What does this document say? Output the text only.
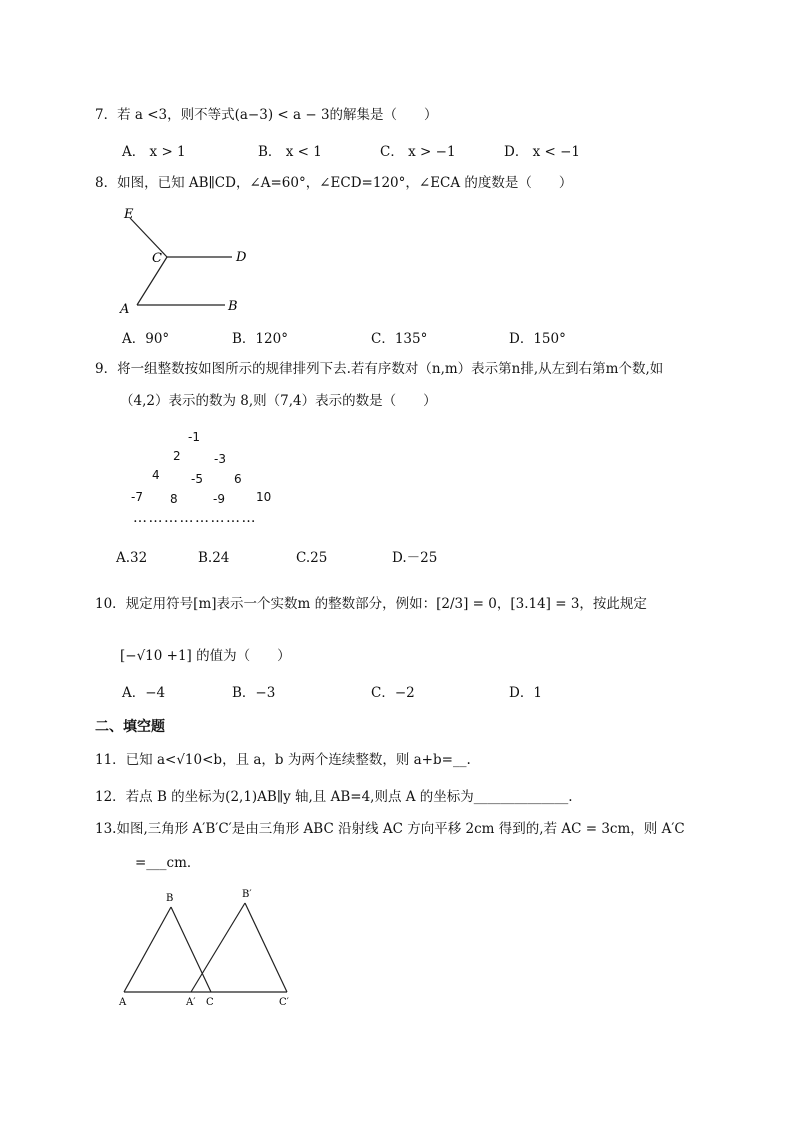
7．若 a <3，则不等式(a−3) < a − 3的解集是（　　）
A． x > 1	B． x < 1	C． x > −1	D． x < −1
8．如图，已知 AB∥CD，∠A=60°，∠ECD=120°，∠ECA 的度数是（　　）
E
C	D
A	B
A．90°	B．120°	C．135°	D．150°
9．将一组整数按如图所示的规律排列下去.若有序数对（n,m）表示第n排,从左到右第m个数,如
（4,2）表示的数为 8,则（7,4）表示的数是（　　）
-1
2	-3
4	-5	6
-7 8	-9	10
……………………
A.32	B.24	C.25	D.－25
10．规定用符号[m]表示一个实数m 的整数部分，例如：[2/3] = 0，[3.14] = 3，按此规定
[−√10 +1] 的值为（　　）
A．−4	B．−3	C．−2	D．1
二、填空题
11．已知 a<√10<b，且 a，b 为两个连续整数，则 a+b=__.
12．若点 B 的坐标为(2,1)AB∥y 轴,且 AB=4,则点 A 的坐标为______________.
13.如图,三角形 A′B′C′是由三角形 ABC 沿射线 AC 方向平移 2cm 得到的,若 AC = 3cm，则 A′C
=___cm．
B	B′
A	A′ C	C′
